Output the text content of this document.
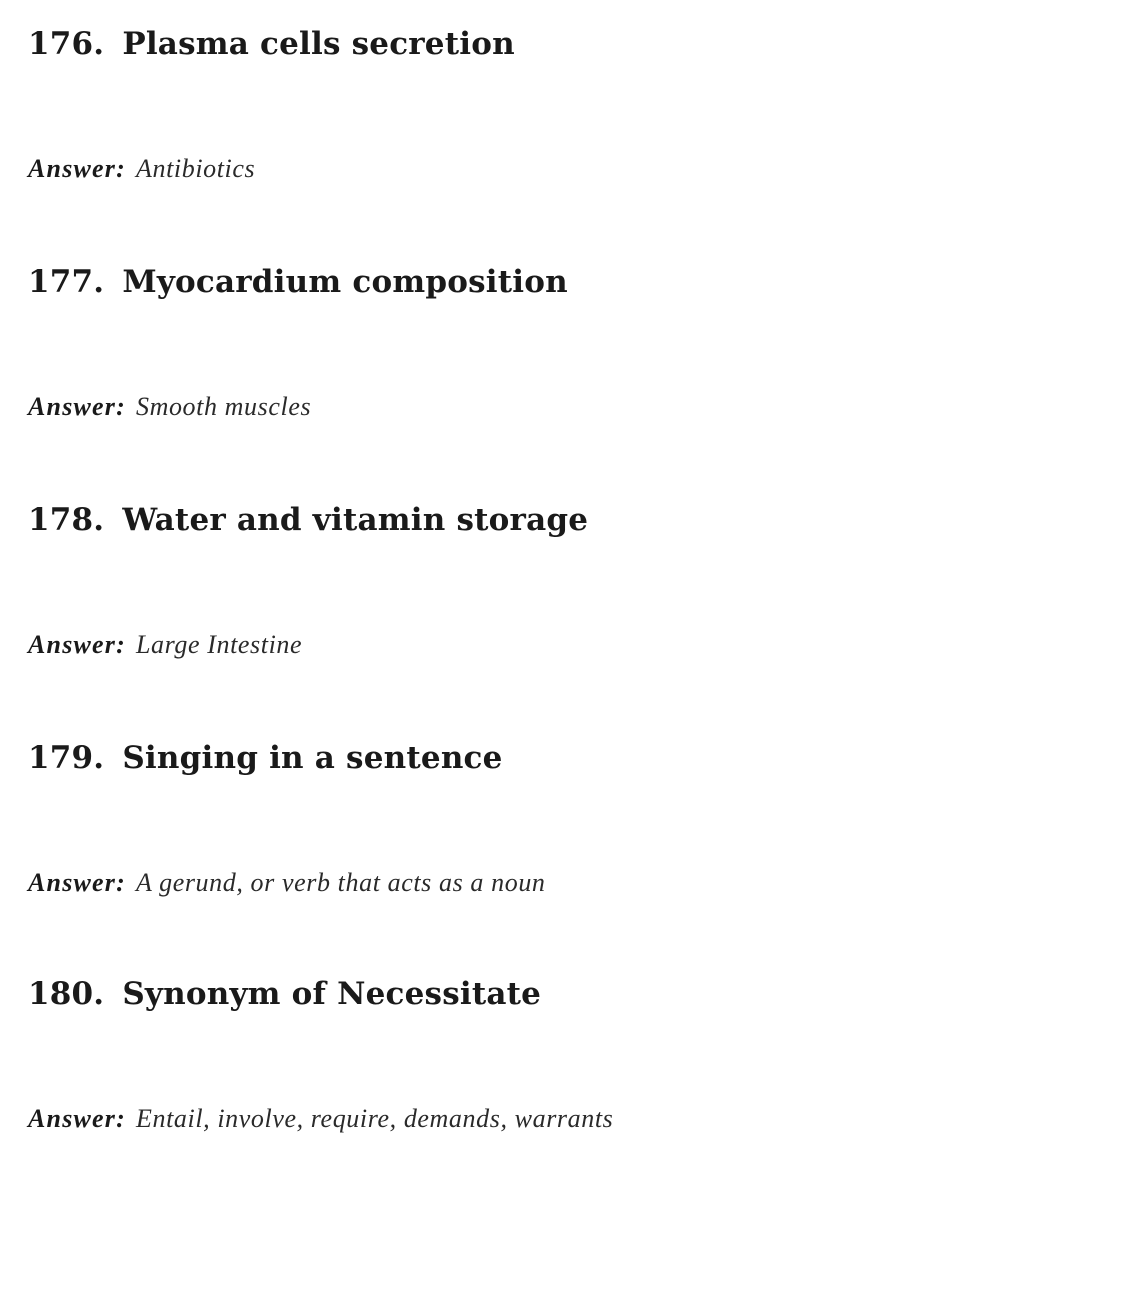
176. Plasma cells secretion
Answer: Antibiotics
177. Myocardium composition
Answer: Smooth muscles
178. Water and vitamin storage
Answer: Large Intestine
179. Singing in a sentence
Answer: A gerund, or verb that acts as a noun
180. Synonym of Necessitate
Answer: Entail, involve, require, demands, warrants
